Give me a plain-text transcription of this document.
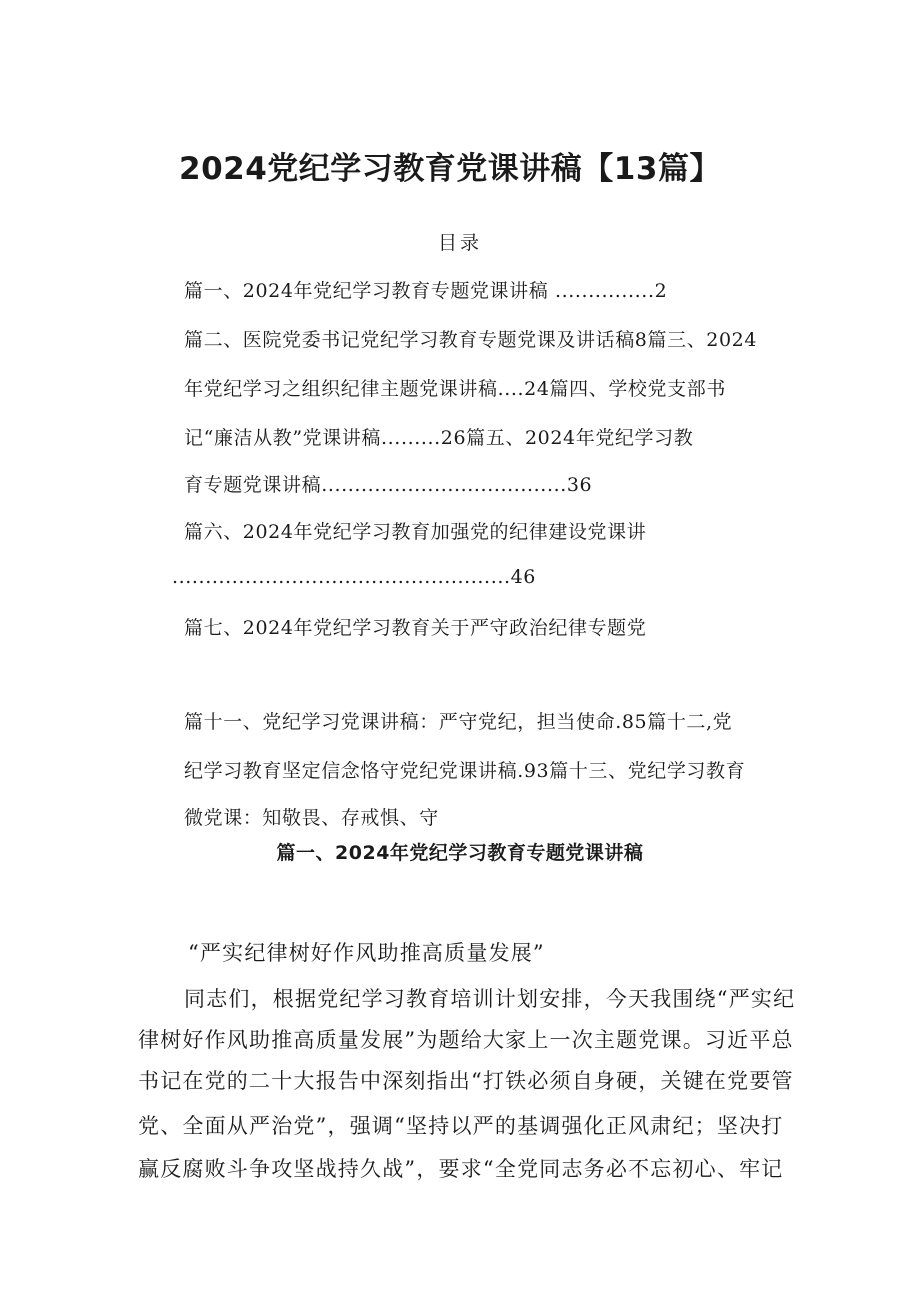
2024党纪学习教育党课讲稿【13篇】
目录
篇一、2024年党纪学习教育专题党课讲稿 ...............2
篇二、医院党委书记党纪学习教育专题党课及讲话稿8篇三、2024
年党纪学习之组织纪律主题党课讲稿....24篇四、学校党支部书
记“廉洁从教”党课讲稿.........26篇五、2024年党纪学习教
育专题党课讲稿.....................................36
篇六、2024年党纪学习教育加强党的纪律建设党课讲
...................................................46
篇七、2024年党纪学习教育关于严守政治纪律专题党
篇十一、党纪学习党课讲稿：严守党纪，担当使命.85篇十二,党
纪学习教育坚定信念恪守党纪党课讲稿.93篇十三、党纪学习教育
微党课：知敬畏、存戒惧、守
篇一、2024年党纪学习教育专题党课讲稿
“严实纪律树好作风助推高质量发展”
同志们，根据党纪学习教育培训计划安排，今天我围绕“严实纪
律树好作风助推高质量发展”为题给大家上一次主题党课。习近平总
书记在党的二十大报告中深刻指出“打铁必须自身硬，关键在党要管
党、全面从严治党”，强调“坚持以严的基调强化正风肃纪；坚决打
赢反腐败斗争攻坚战持久战”，要求“全党同志务必不忘初心、牢记
